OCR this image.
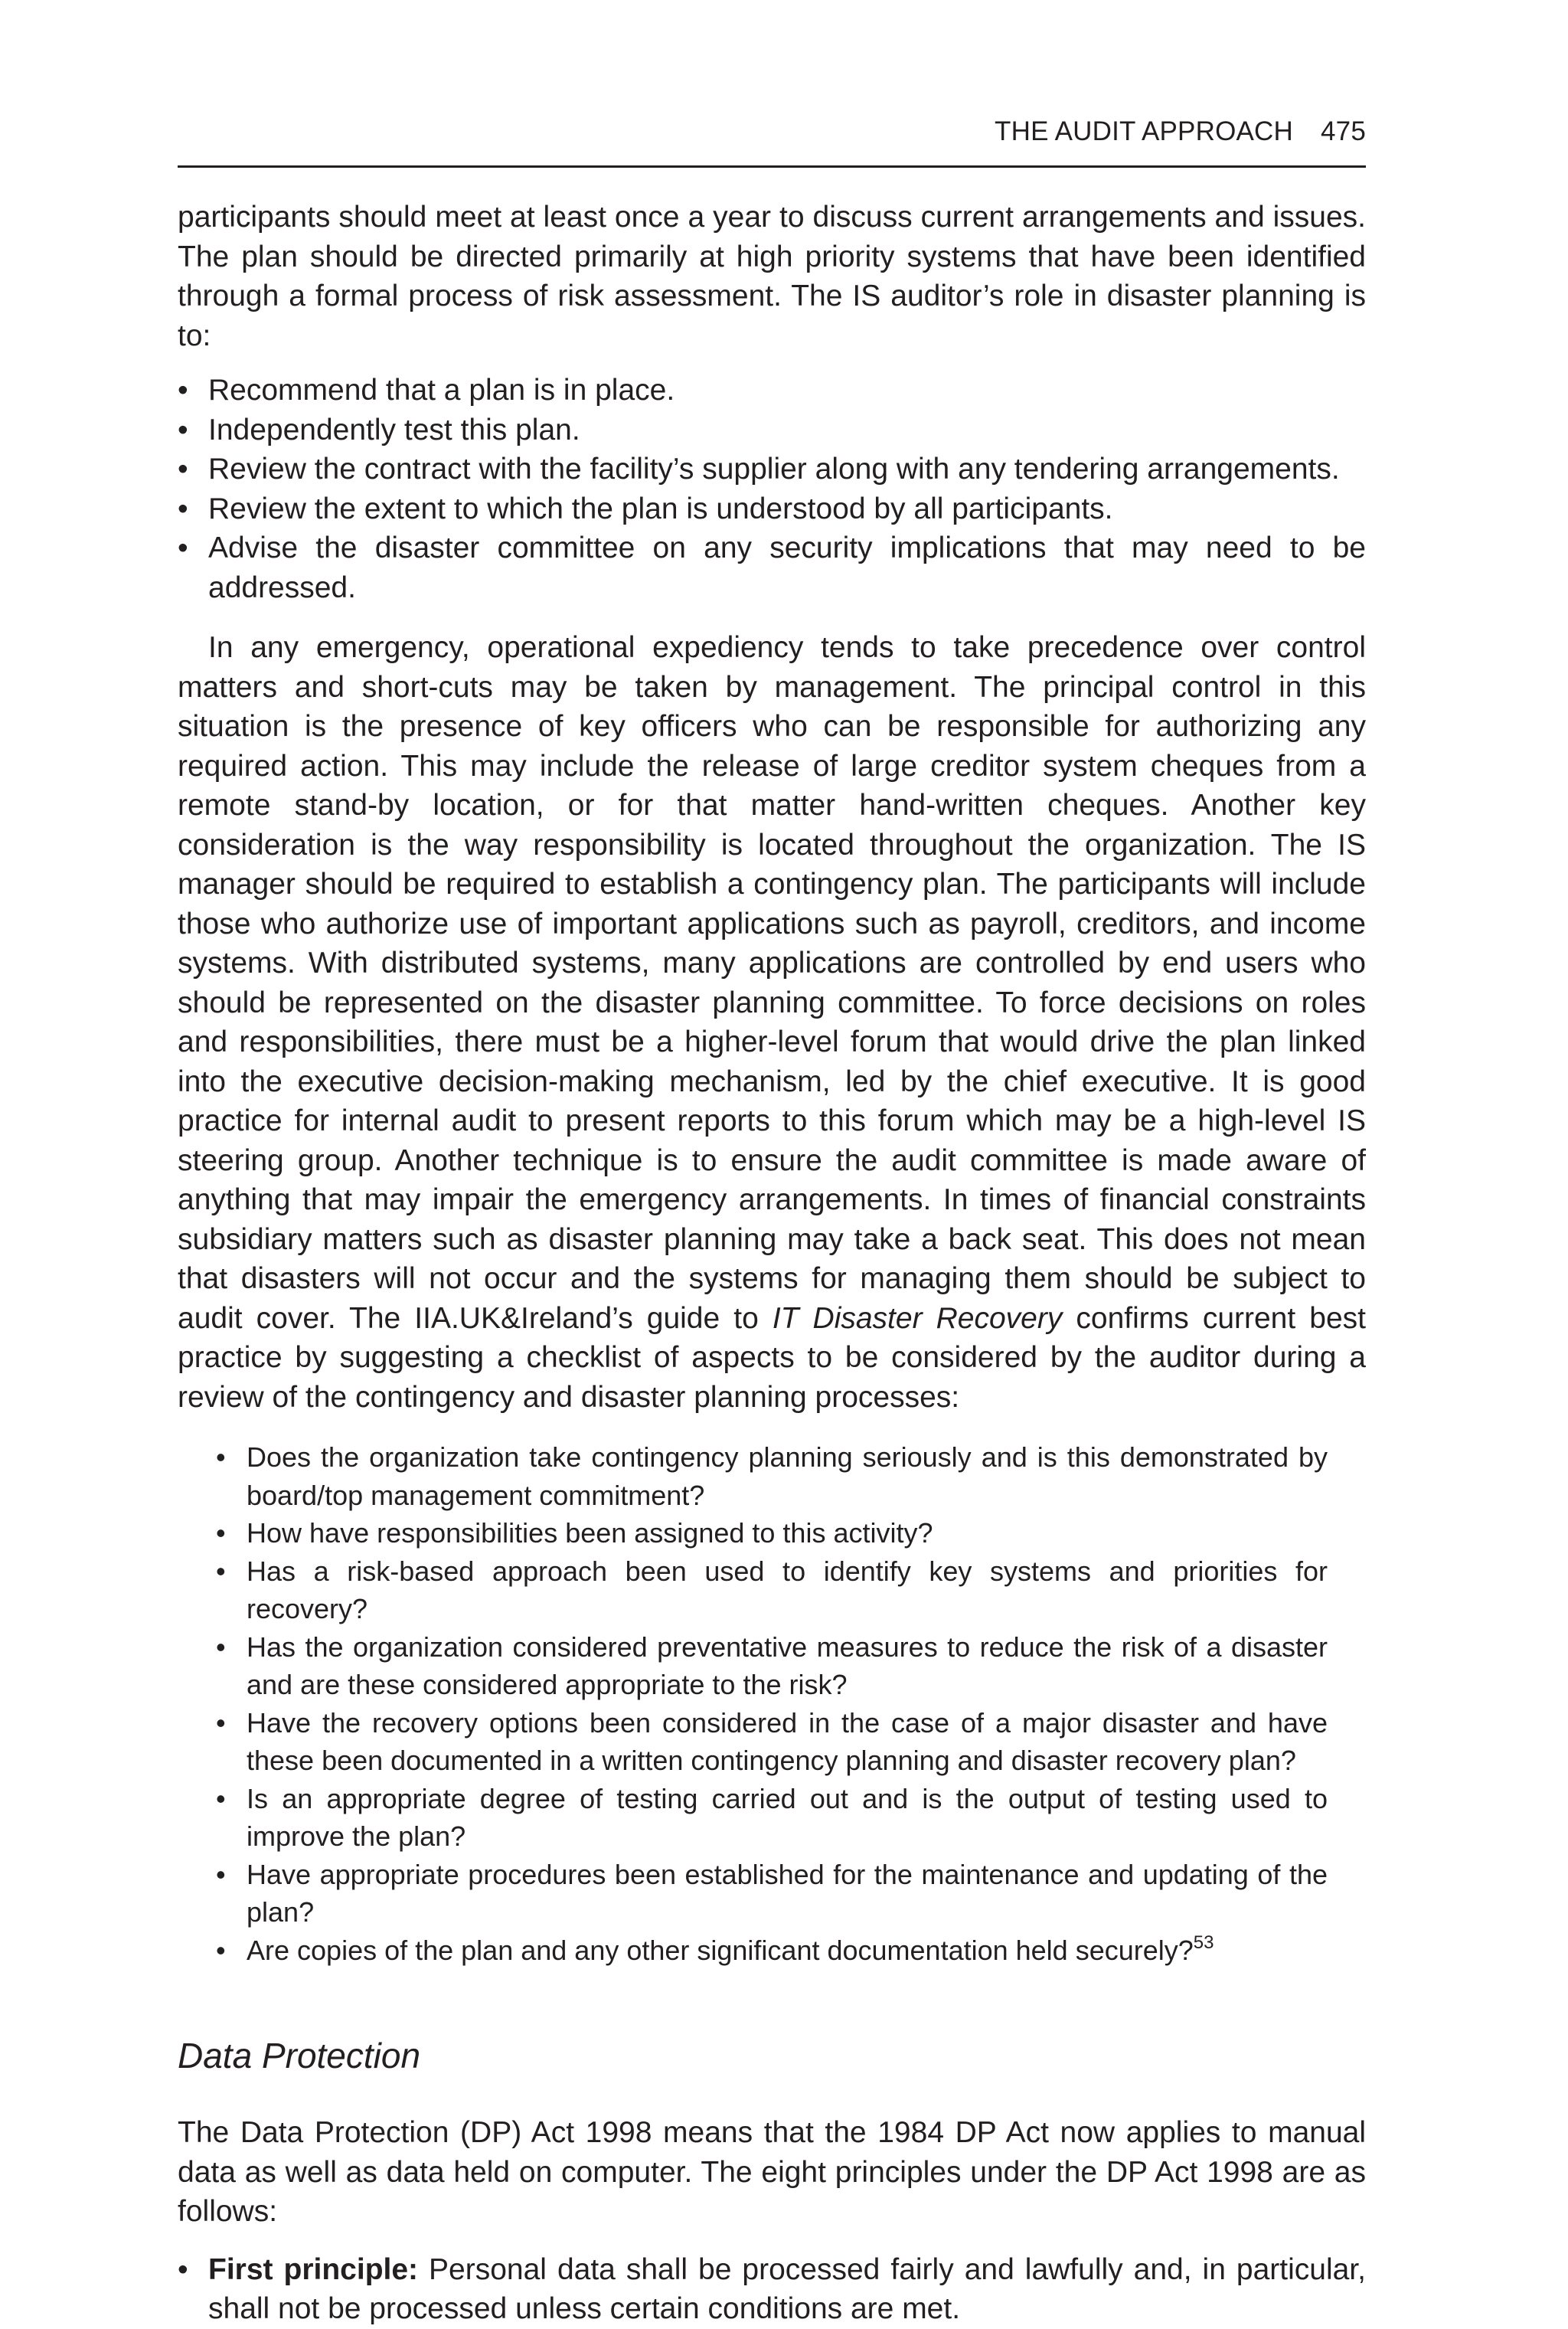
THE AUDIT APPROACH 475

participants should meet at least once a year to discuss current arrangements and issues. The plan should be directed primarily at high priority systems that have been identified through a formal process of risk assessment. The IS auditor’s role in disaster planning is to:

• Recommend that a plan is in place.
• Independently test this plan.
• Review the contract with the facility’s supplier along with any tendering arrangements.
• Review the extent to which the plan is understood by all participants.
• Advise the disaster committee on any security implications that may need to be addressed.

In any emergency, operational expediency tends to take precedence over control matters and short-cuts may be taken by management. The principal control in this situation is the presence of key officers who can be responsible for authorizing any required action. This may include the release of large creditor system cheques from a remote stand-by location, or for that matter hand-written cheques. Another key consideration is the way responsibility is located throughout the organization. The IS manager should be required to establish a contingency plan. The participants will include those who authorize use of important applications such as payroll, creditors, and income systems. With distributed systems, many applications are controlled by end users who should be represented on the disaster planning committee. To force decisions on roles and responsibilities, there must be a higher-level forum that would drive the plan linked into the executive decision-making mechanism, led by the chief executive. It is good practice for internal audit to present reports to this forum which may be a high-level IS steering group. Another technique is to ensure the audit committee is made aware of anything that may impair the emergency arrangements. In times of financial constraints subsidiary matters such as disaster planning may take a back seat. This does not mean that disasters will not occur and the systems for managing them should be subject to audit cover. The IIA.UK&Ireland’s guide to IT Disaster Recovery confirms current best practice by suggesting a checklist of aspects to be considered by the auditor during a review of the contingency and disaster planning processes:

• Does the organization take contingency planning seriously and is this demonstrated by board/top management commitment?
• How have responsibilities been assigned to this activity?
• Has a risk-based approach been used to identify key systems and priorities for recovery?
• Has the organization considered preventative measures to reduce the risk of a disaster and are these considered appropriate to the risk?
• Have the recovery options been considered in the case of a major disaster and have these been documented in a written contingency planning and disaster recovery plan?
• Is an appropriate degree of testing carried out and is the output of testing used to improve the plan?
• Have appropriate procedures been established for the maintenance and updating of the plan?
• Are copies of the plan and any other significant documentation held securely?$^{53}$
Data Protection

The Data Protection (DP) Act 1998 means that the 1984 DP Act now applies to manual data as well as data held on computer. The eight principles under the DP Act 1998 are as follows:

• First principle: Personal data shall be processed fairly and lawfully and, in particular, shall not be processed unless certain conditions are met.
